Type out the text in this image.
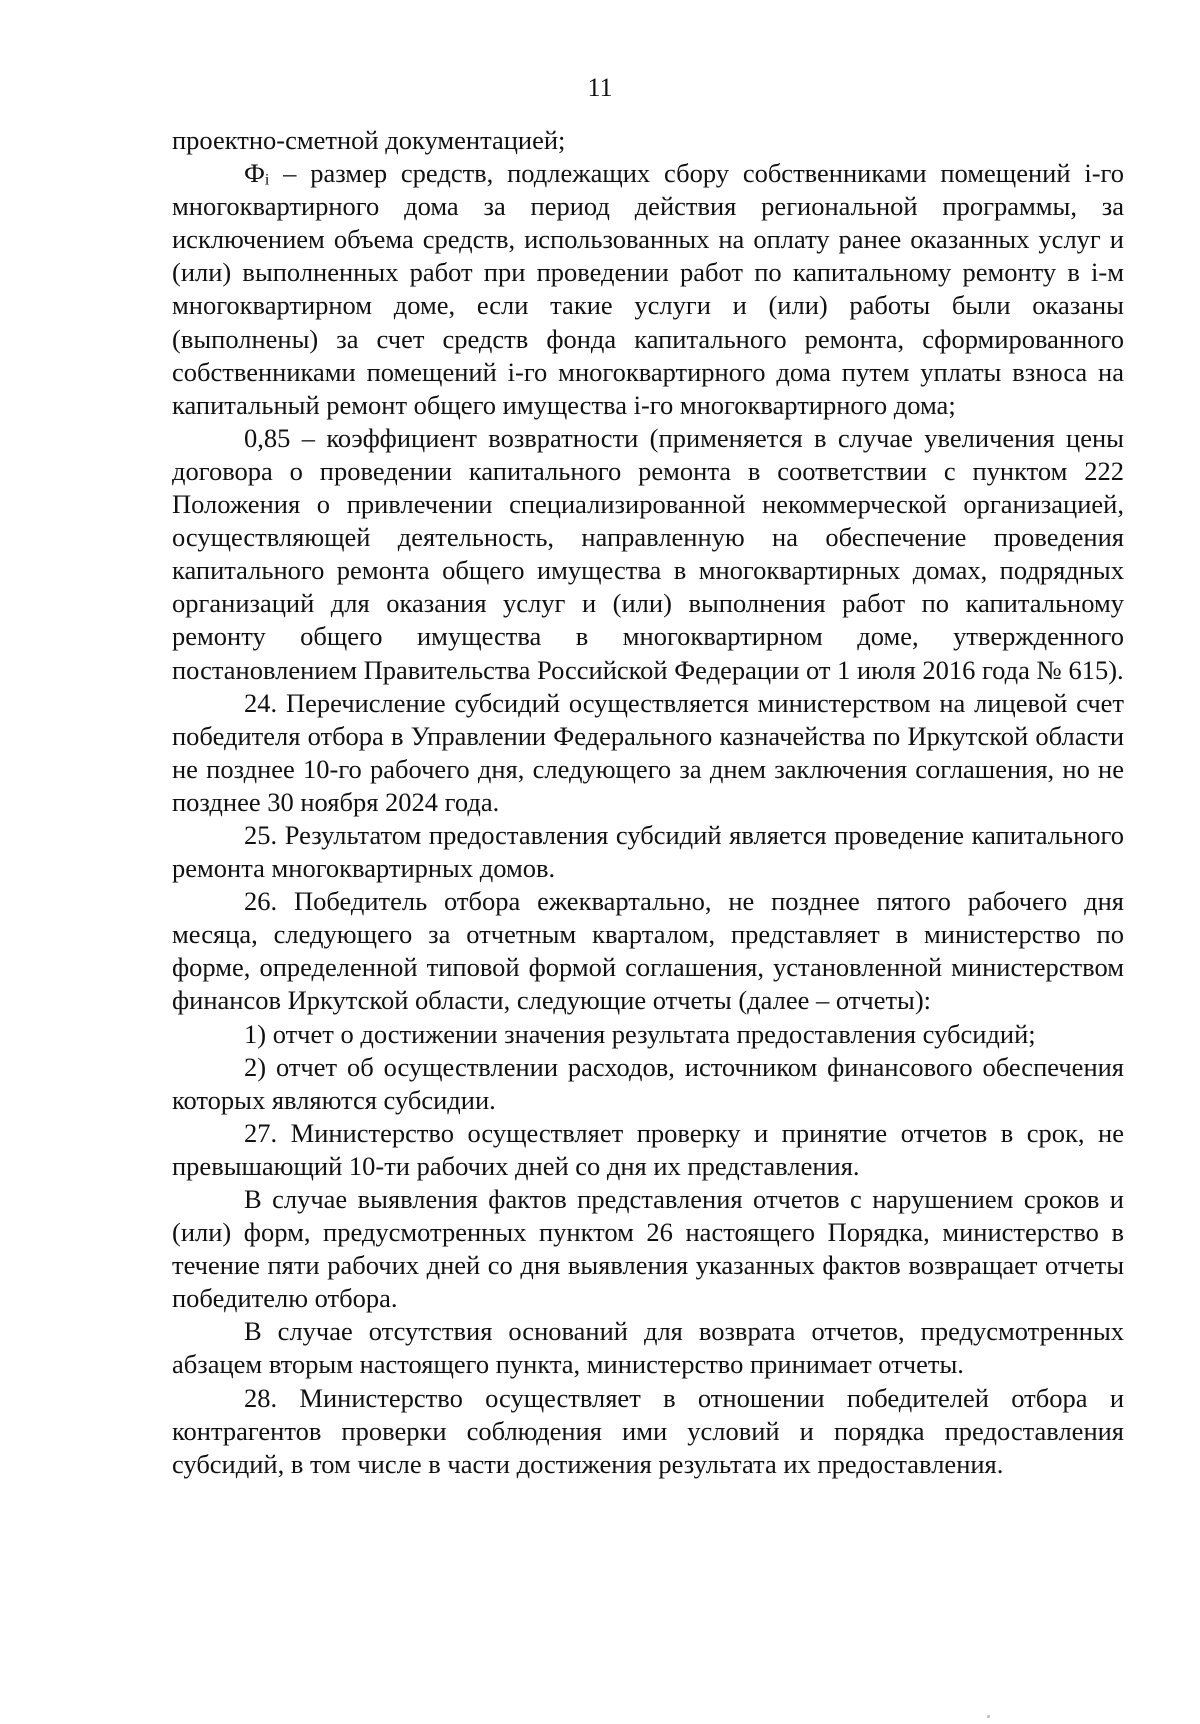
11

проектно-сметной документацией;

Фᵢ – размер средств, подлежащих сбору собственниками помещений i-го многоквартирного дома за период действия региональной программы, за исключением объема средств, использованных на оплату ранее оказанных услуг и (или) выполненных работ при проведении работ по капитальному ремонту в i-м многоквартирном доме, если такие услуги и (или) работы были оказаны (выполнены) за счет средств фонда капитального ремонта, сформированного собственниками помещений i-го многоквартирного дома путем уплаты взноса на капитальный ремонт общего имущества i-го многоквартирного дома;

0,85 – коэффициент возвратности (применяется в случае увеличения цены договора о проведении капитального ремонта в соответствии с пунктом 222 Положения о привлечении специализированной некоммерческой организацией, осуществляющей деятельность, направленную на обеспечение проведения капитального ремонта общего имущества в многоквартирных домах, подрядных организаций для оказания услуг и (или) выполнения работ по капитальному ремонту общего имущества в многоквартирном доме, утвержденного постановлением Правительства Российской Федерации от 1 июля 2016 года № 615).

24. Перечисление субсидий осуществляется министерством на лицевой счет победителя отбора в Управлении Федерального казначейства по Иркутской области не позднее 10-го рабочего дня, следующего за днем заключения соглашения, но не позднее 30 ноября 2024 года.

25. Результатом предоставления субсидий является проведение капитального ремонта многоквартирных домов.

26. Победитель отбора ежеквартально, не позднее пятого рабочего дня месяца, следующего за отчетным кварталом, представляет в министерство по форме, определенной типовой формой соглашения, установленной министерством финансов Иркутской области, следующие отчеты (далее – отчеты):

1) отчет о достижении значения результата предоставления субсидий;

2) отчет об осуществлении расходов, источником финансового обеспечения которых являются субсидии.

27. Министерство осуществляет проверку и принятие отчетов в срок, не превышающий 10-ти рабочих дней со дня их представления.

В случае выявления фактов представления отчетов с нарушением сроков и (или) форм, предусмотренных пунктом 26 настоящего Порядка, министерство в течение пяти рабочих дней со дня выявления указанных фактов возвращает отчеты победителю отбора.

В случае отсутствия оснований для возврата отчетов, предусмотренных абзацем вторым настоящего пункта, министерство принимает отчеты.

28. Министерство осуществляет в отношении победителей отбора и контрагентов проверки соблюдения ими условий и порядка предоставления субсидий, в том числе в части достижения результата их предоставления.
